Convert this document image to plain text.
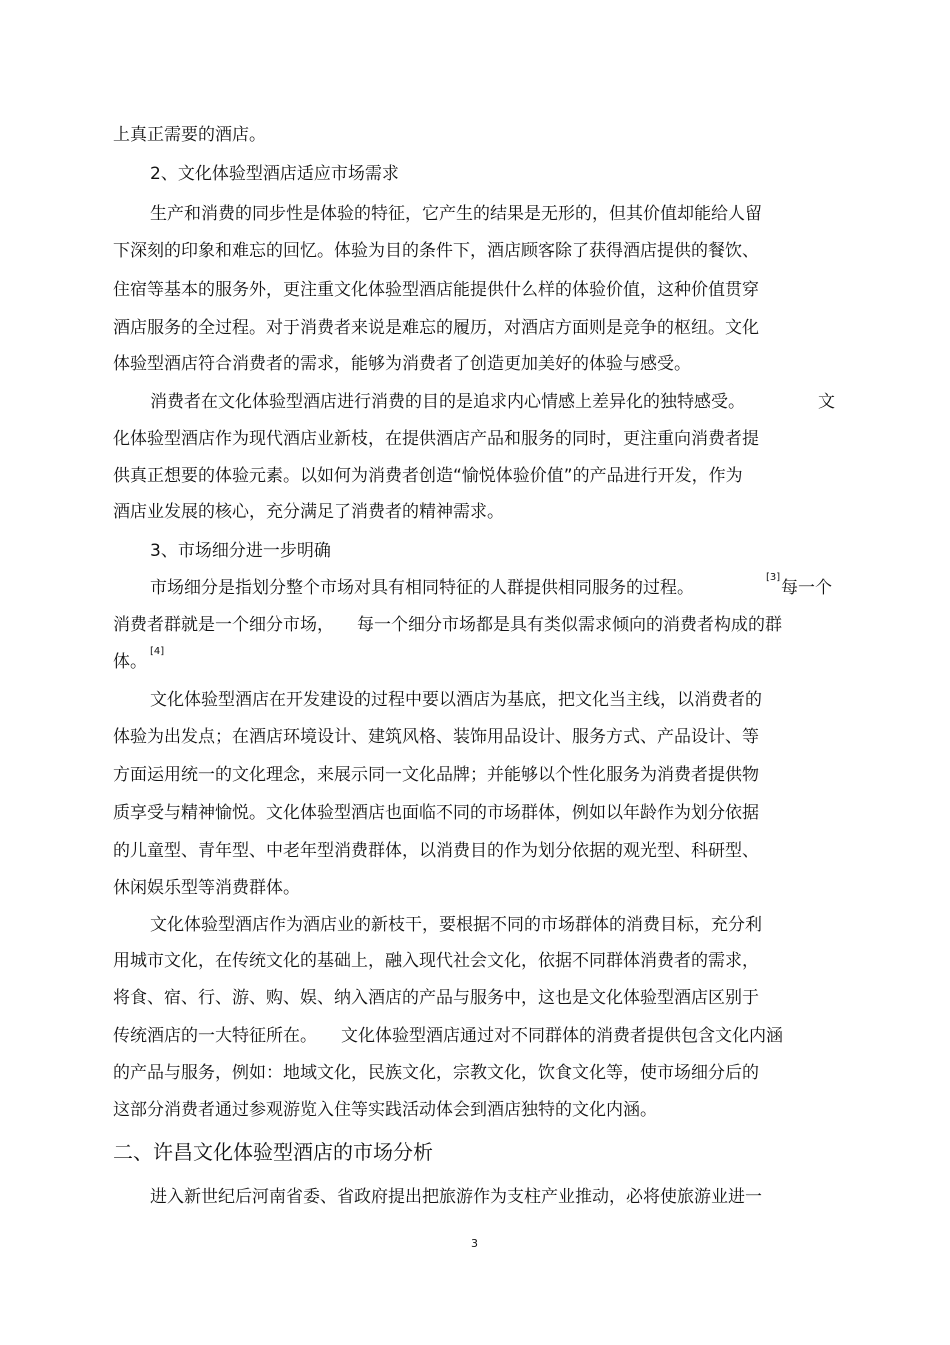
上真正需要的酒店。
2、文化体验型酒店适应市场需求
生产和消费的同步性是体验的特征，它产生的结果是无形的，但其价值却能给人留
下深刻的印象和难忘的回忆。体验为目的条件下，酒店顾客除了获得酒店提供的餐饮、
住宿等基本的服务外，更注重文化体验型酒店能提供什么样的体验价值，这种价值贯穿
酒店服务的全过程。对于消费者来说是难忘的履历，对酒店方面则是竞争的枢纽。文化
体验型酒店符合消费者的需求，能够为消费者了创造更加美好的体验与感受。
消费者在文化体验型酒店进行消费的目的是追求内心情感上差异化的独特感受。	文
化体验型酒店作为现代酒店业新枝，在提供酒店产品和服务的同时，更注重向消费者提
供真正想要的体验元素。以如何为消费者创造“愉悦体验价值”的产品进行开发，作为
酒店业发展的核心，充分满足了消费者的精神需求。
3、市场细分进一步明确
市场细分是指划分整个市场对具有相同特征的人群提供相同服务的过程。
[3]
每一个
消费者群就是一个细分市场， 每一个细分市场都是具有类似需求倾向的消费者构成的群
体。
[4]
文化体验型酒店在开发建设的过程中要以酒店为基底，把文化当主线，以消费者的
体验为出发点；在酒店环境设计、建筑风格、装饰用品设计、服务方式、产品设计、等
方面运用统一的文化理念，来展示同一文化品牌；并能够以个性化服务为消费者提供物
质享受与精神愉悦。文化体验型酒店也面临不同的市场群体，例如以年龄作为划分依据
的儿童型、青年型、中老年型消费群体，以消费目的作为划分依据的观光型、科研型、
休闲娱乐型等消费群体。
文化体验型酒店作为酒店业的新枝干，要根据不同的市场群体的消费目标，充分利
用城市文化，在传统文化的基础上，融入现代社会文化，依据不同群体消费者的需求，
将食、宿、行、游、购、娱、纳入酒店的产品与服务中，这也是文化体验型酒店区别于
传统酒店的一大特征所在。 文化体验型酒店通过对不同群体的消费者提供包含文化内涵
的产品与服务，例如：地域文化，民族文化，宗教文化，饮食文化等，使市场细分后的
这部分消费者通过参观游览入住等实践活动体会到酒店独特的文化内涵。
二、许昌文化体验型酒店的市场分析
进入新世纪后河南省委、省政府提出把旅游作为支柱产业推动，必将使旅游业进一
3
